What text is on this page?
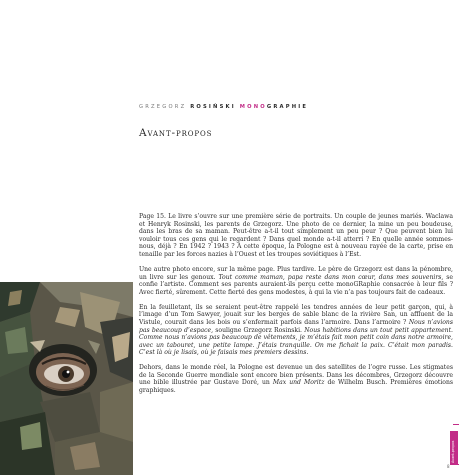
GRZEGORZ ROSIŃSKI MONOGRAPHIE
Avant-propos

Page 15. Le livre s’ouvre sur une première série de portraits. Un couple de jeunes mariés. Waclawa et Henryk Rosinski, les parents de Grzegorz. Une photo de ce dernier, la mine un peu boudeuse, dans les bras de sa maman. Peut-être a-t-il tout simplement un peu peur ? Que peuvent bien lui vouloir tous ces gens qui le regardent ? Dans quel monde a-t-il atterri ? En quelle année sommes-nous, déjà ? En 1942 ? 1943 ? À cette époque, la Pologne est à nouveau rayée de la carte, prise en tenaille par les forces nazies à l’Ouest et les troupes soviétiques à l’Est.

Une autre photo encore, sur la même page. Plus tardive. Le père de Grzegorz est dans la pénombre, un livre sur les genoux. Tout comme maman, papa reste dans mon cœur, dans mes souvenirs, se confie l’artiste. Comment ses parents auraient-ils perçu cette monoGRaphie consacrée à leur fils ? Avec fierté, sûrement. Cette fierté des gens modestes, à qui la vie n’a pas toujours fait de cadeaux.

En la feuilletant, ils se seraient peut-être rappelé les tendres années de leur petit garçon, qui, à l’image d’un Tom Sawyer, jouait sur les berges de sable blanc de la rivière San, un affluent de la Vistule, courait dans les bois ou s’enfermait parfois dans l’armoire. Dans l’armoire ? Nous n’avions pas beaucoup d’espace, souligne Grzegorz Rosinski. Nous habitions dans un tout petit appartement. Comme nous n’avions pas beaucoup de vêtements, je m’étais fait mon petit coin dans notre armoire, avec un tabouret, une petite lampe. J’étais tranquille. On me fichait la paix. C’était mon paradis. C’est là où je lisais, où je faisais mes premiers dessins.

Dehors, dans le monde réel, la Pologne est devenue un des satellites de l’ogre russe. Les stigmates de la Seconde Guerre mondiale sont encore bien présents. Dans les décombres, Grzegorz découvre une bible illustrée par Gustave Doré, un Max und Moritz de Wilhelm Busch. Premières émotions graphiques.

Avant-propos
8
